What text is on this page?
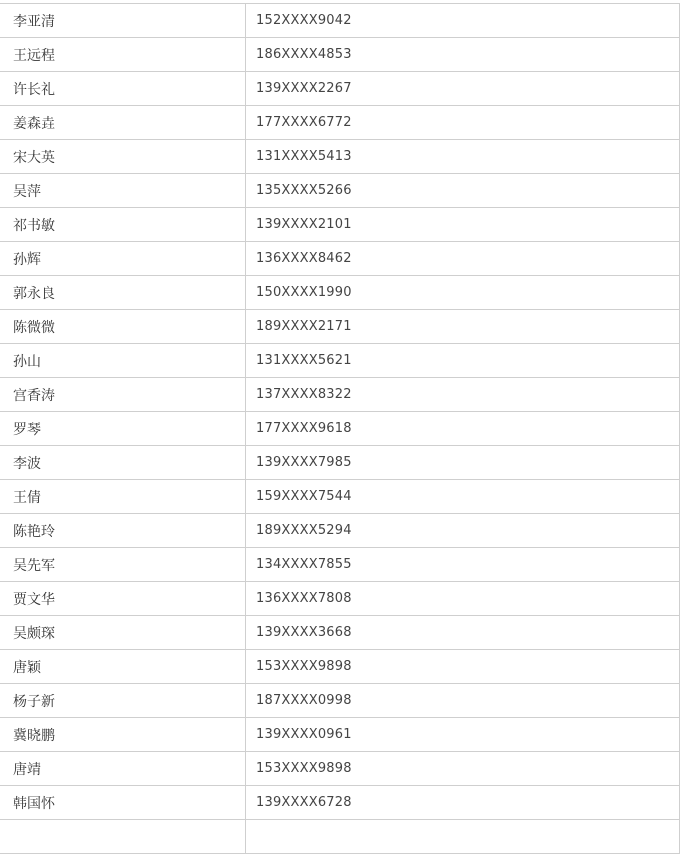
李亚清	152XXXX9042
王远程	186XXXX4853
许长礼	139XXXX2267
姜森垚	177XXXX6772
宋大英	131XXXX5413
吴萍	135XXXX5266
祁书敏	139XXXX2101
孙辉	136XXXX8462
郭永良	150XXXX1990
陈微微	189XXXX2171
孙山	131XXXX5621
宫香涛	137XXXX8322
罗琴	177XXXX9618
李波	139XXXX7985
王倩	159XXXX7544
陈艳玲	189XXXX5294
吴先军	134XXXX7855
贾文华	136XXXX7808
吴颇琛	139XXXX3668
唐颖	153XXXX9898
杨子新	187XXXX0998
冀晓鹏	139XXXX0961
唐靖	153XXXX9898
韩国怀	139XXXX6728
